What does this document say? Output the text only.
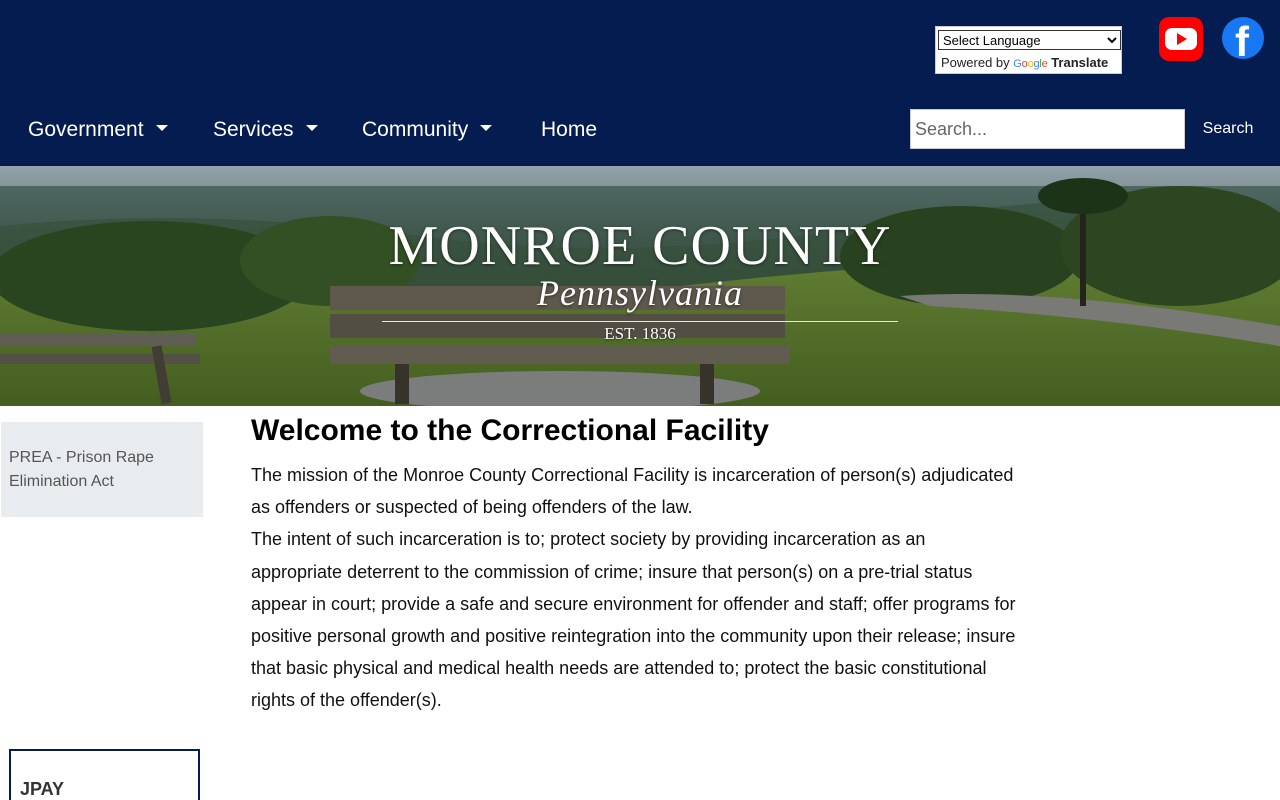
Select Language
Powered by Google Translate	f
Government	Services	Community	Home
Search...	Search
MONROE COUNTY
Pennsylvania
EST. 1836
PREA - Prison Rape Elimination Act
JPAY
Welcome to the Correctional Facility

The mission of the Monroe County Correctional Facility is incarceration of person(s) adjudicated as offenders or suspected of being offenders of the law.

The intent of such incarceration is to; protect society by providing incarceration as an appropriate deterrent to the commission of crime; insure that person(s) on a pre-trial status appear in court; provide a safe and secure environment for offender and staff; offer programs for positive personal growth and positive reintegration into the community upon their release; insure that basic physical and medical health needs are attended to; protect the basic constitutional rights of the offender(s).
